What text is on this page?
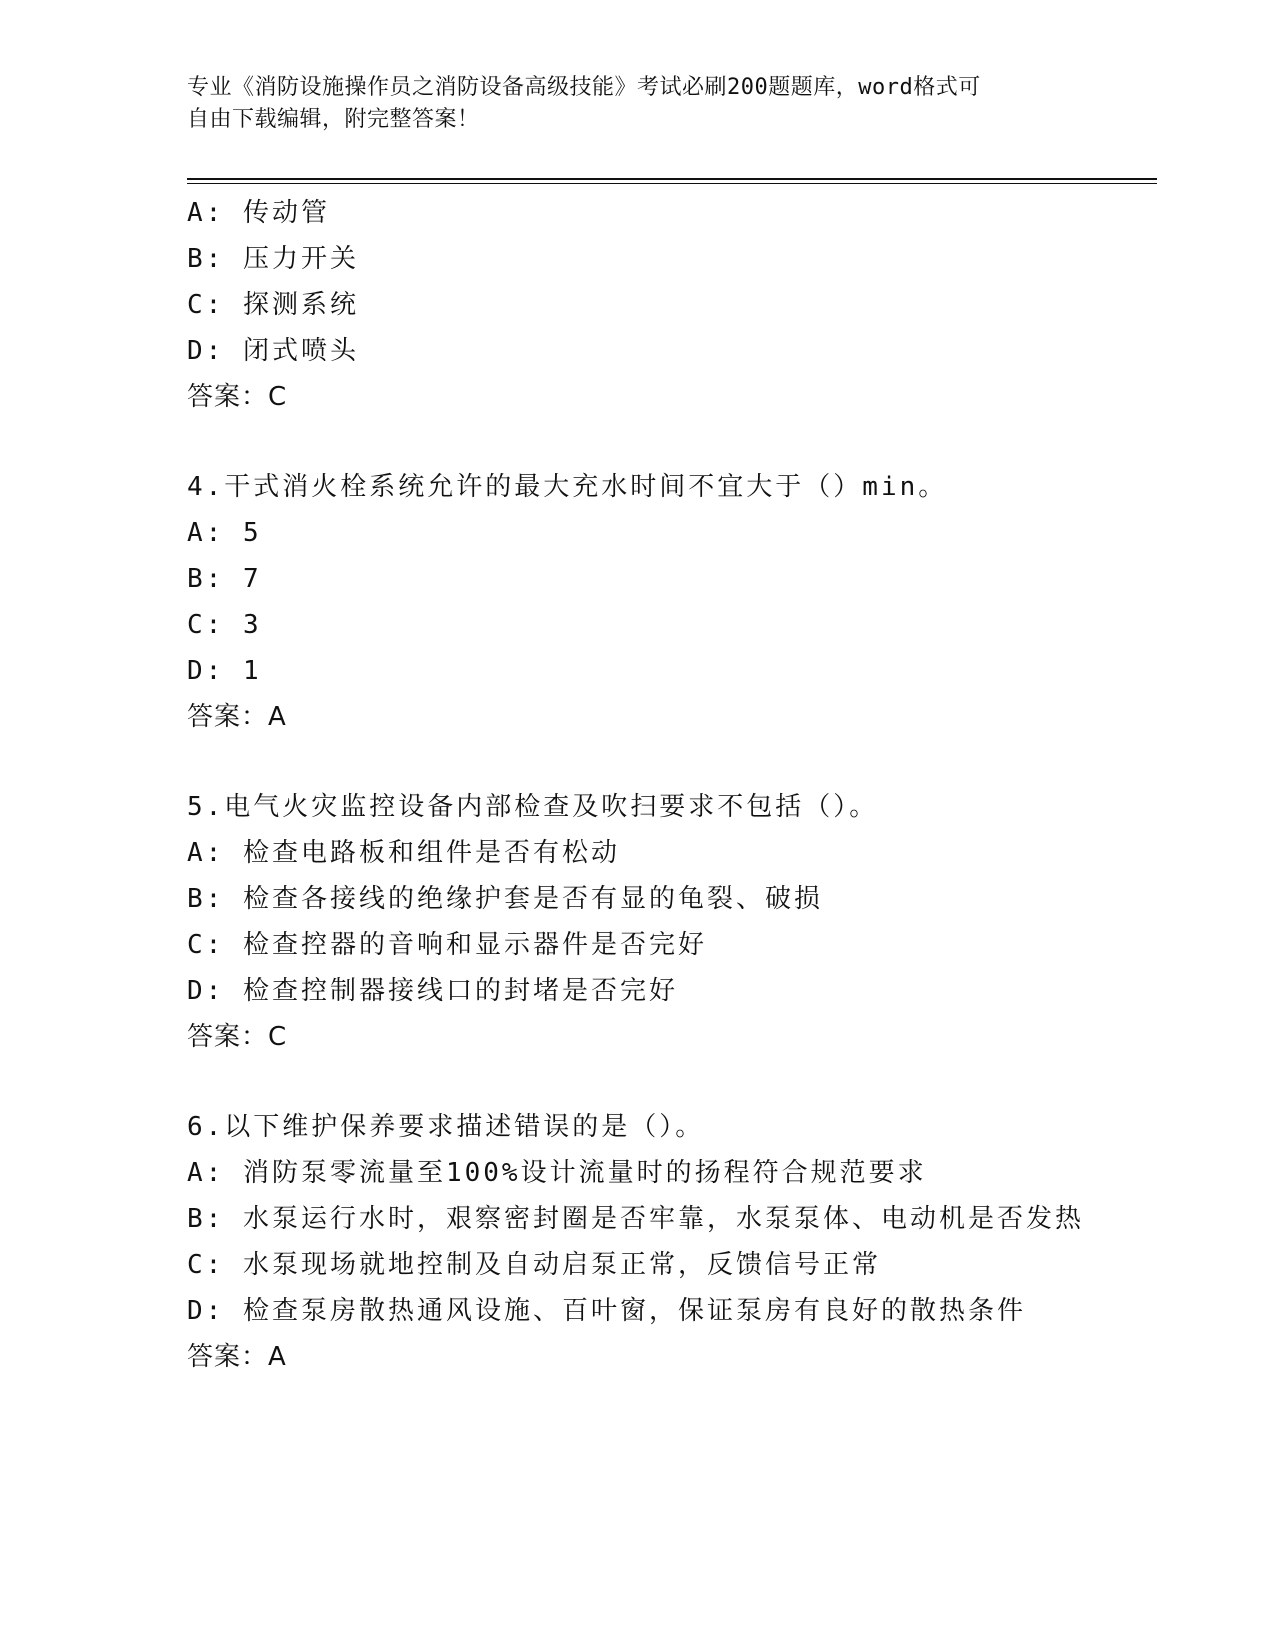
专业《消防设施操作员之消防设备高级技能》考试必刷200题题库，word格式可
自由下载编辑，附完整答案！
A: 传动管
B: 压力开关
C: 探测系统
D: 闭式喷头
答案：C
4.干式消火栓系统允许的最大充水时间不宜大于（）min。
A: 5
B: 7
C: 3
D: 1
答案：A
5.电气火灾监控设备内部检查及吹扫要求不包括（）。
A: 检查电路板和组件是否有松动
B: 检查各接线的绝缘护套是否有显的龟裂、破损
C: 检查控器的音响和显示器件是否完好
D: 检查控制器接线口的封堵是否完好
答案：C
6.以下维护保养要求描述错误的是（）。
A: 消防泵零流量至100%设计流量时的扬程符合规范要求
B: 水泵运行水时，艰察密封圈是否牢靠，水泵泵体、电动机是否发热
C: 水泵现场就地控制及自动启泵正常，反馈信号正常
D: 检查泵房散热通风设施、百叶窗，保证泵房有良好的散热条件
答案：A
